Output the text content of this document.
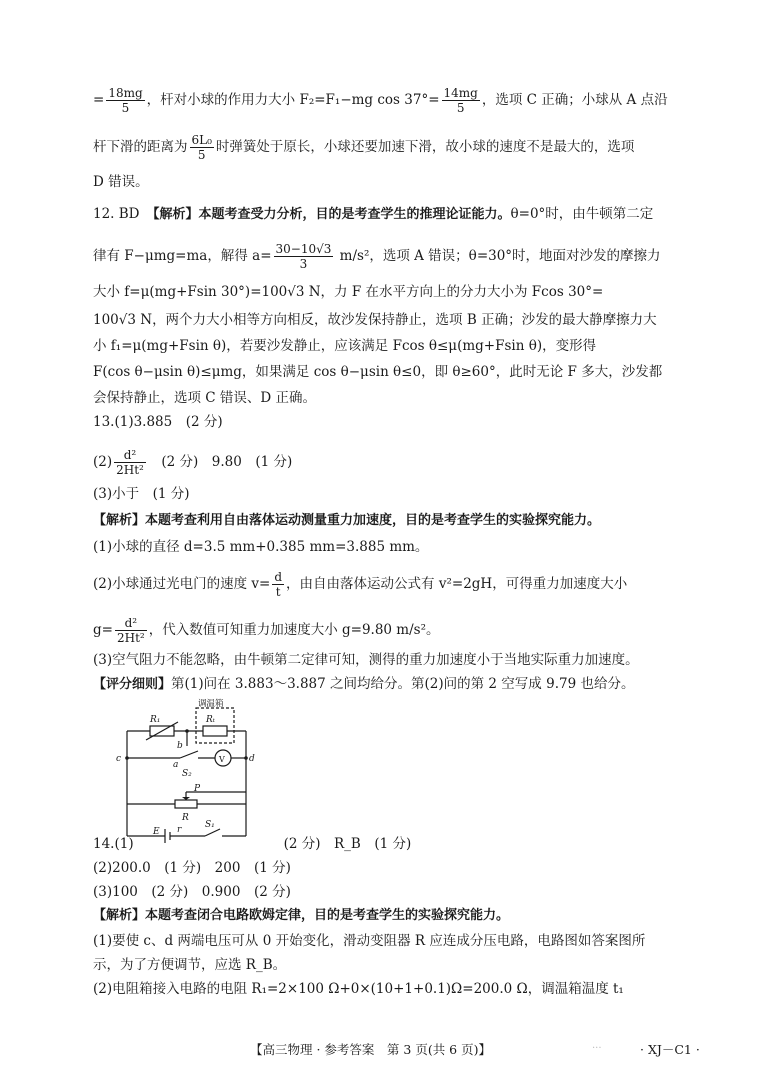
= $\frac{18mg}{5}$ ，杆对小球的作用力大小 F₂=F₁−mg $\cos 37^\circ= \frac{14mg}{5}$ ，选项 C 正确；小球从 A 点沿
杆下滑的距离为 $\frac{\text{6L₀}}{5}$ 时弹簧处于原长，小球还要加速下滑，故小球的速度不是最大的，选项
D 错误。
12. BD　 【解析】本题考查受力分析，目的是考查学生的推理论证能力。θ=0°时，由牛顿第二定
律有 F−μmg=ma，解得 $a= \frac{30-10√3}{3} m/s^2$，选项 A 错误；θ=30°时，地面对沙发的摩擦力
大小 f=μ(mg+Fsin 30°)=100√3 N，力 F 在水平方向上的分力大小为 Fcos 30°=
100√3 N，两个力大小相等方向相反，故沙发保持静止，选项 B 正确；沙发的最大静摩擦力大
小 f₁=μ(mg+Fsin θ)，若要沙发静止，应该满足 Fcos θ≤μ(mg+Fsin θ)，变形得
F(cos θ−μsin θ)≤μmg，如果满足 cos θ−μsin θ≤0，即 θ≥60°，此时无论 F 多大，沙发都
会保持静止，选项 C 错误、D 正确。
13.(1)3.885　(2 分)
$(2) \frac{\text{d²}}{\text{2Ht²}}$ 　(2 分)　9.80　(1 分)
(3)小于　(1 分)
【解析】本题考查利用自由落体运动测量重力加速度，目的是考查学生的实验探究能力。
(1)小球的直径 d=3.5 mm+0.385 mm=3.885 mm。
(2)小球通过光电门的速度 $v= \frac{d}{t}$ ，由自由落体运动公式有 v²=2gH，可得重力加速度大小
$g= \frac{\text{d²}}{\text{2Ht²}}$ ，代入数值可知重力加速度大小 g=9.80 m/s²。
(3)空气阻力不能忽略，由牛顿第二定律可知，测得的重力加速度小于当地实际重力加速度。
【评分细则】第(1)问在 3.883～3.887 之间均给分。第(2)问的第 2 空写成 9.79 也给分。
调温箱
R₁	Rₜ
b
c	d
a
S₂
V
P
R
E r	S₁
14.(1)	(2 分)　R_B　(1 分)
(2)200.0　(1 分)　200　(1 分)
(3)100　(2 分)　0.900　(2 分)
【解析】本题考查闭合电路欧姆定律，目的是考查学生的实验探究能力。
(1)要使 c、d 两端电压可从 0 开始变化，滑动变阻器 R 应连成分压电路，电路图如答案图所
示，为了方便调节，应选 R_B。
(2)电阻箱接入电路的电阻 R₁=2×100 Ω+0×(10+1+0.1)Ω=200.0 Ω，调温箱温度 t₁
【高三物理 · 参考答案　第 3 页(共 6 页)】	...	· XJ－C1 ·
